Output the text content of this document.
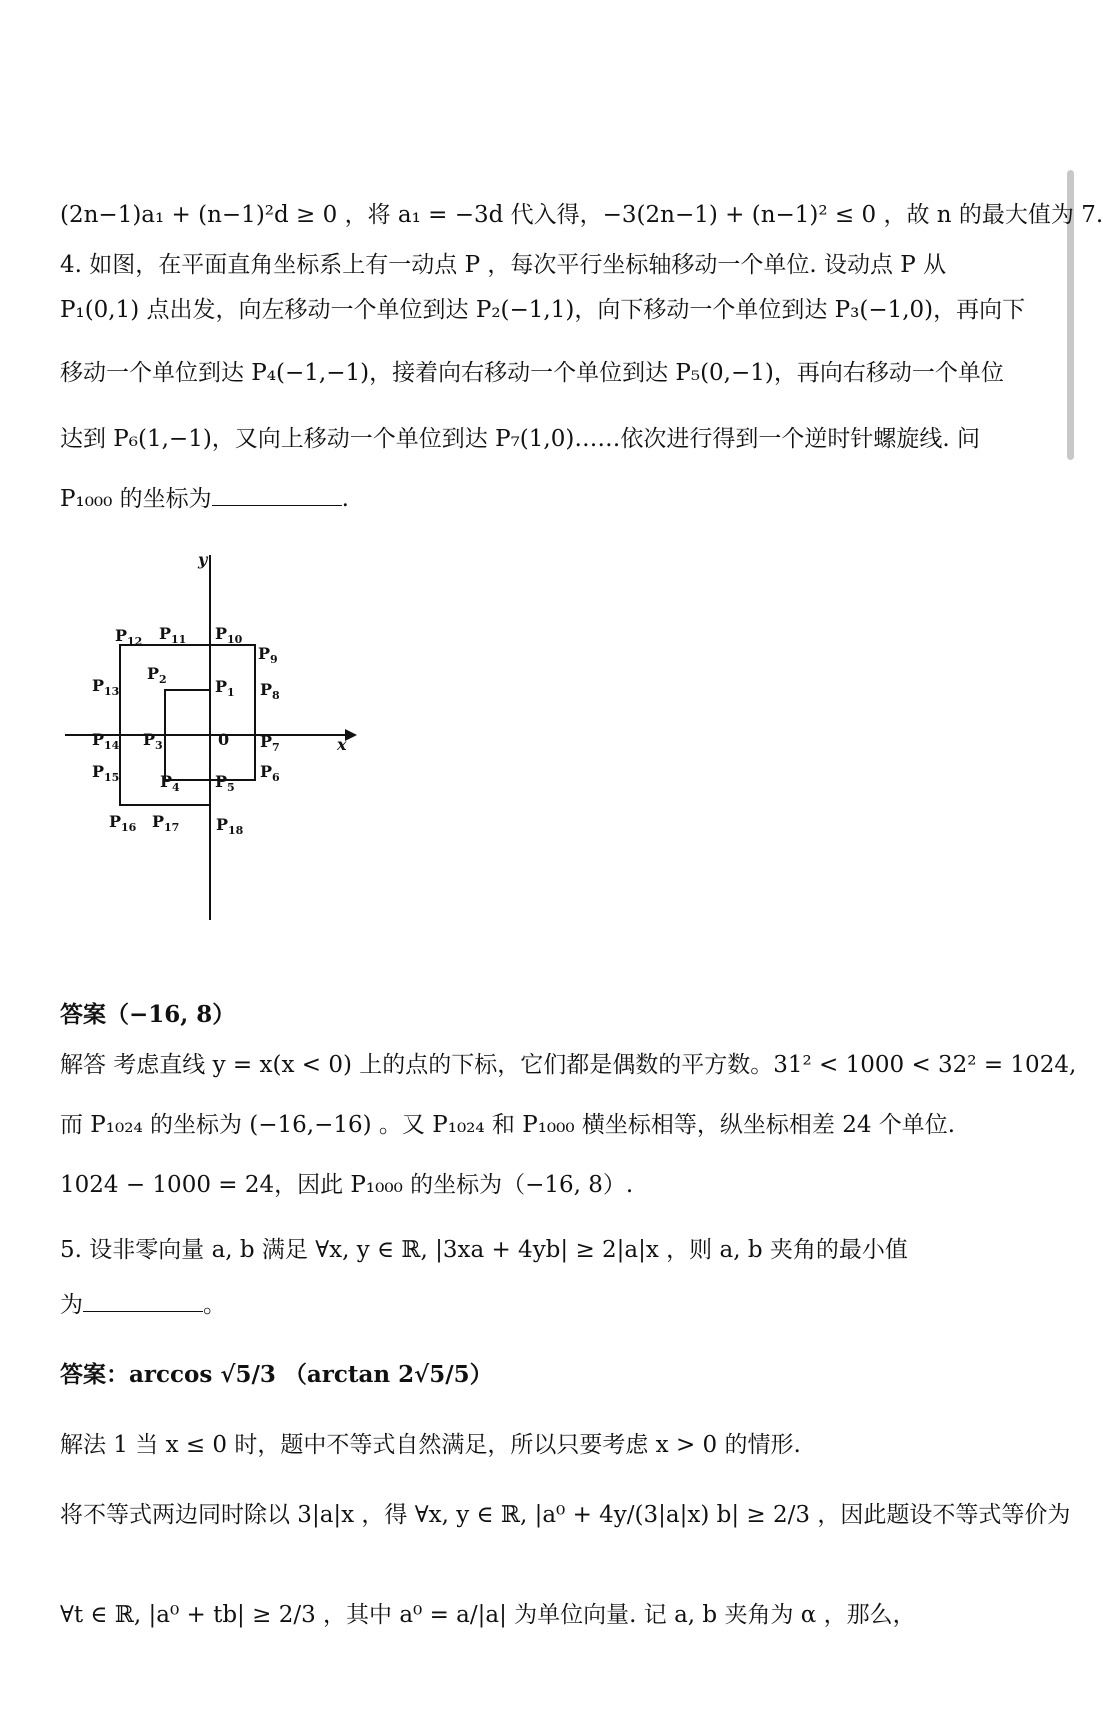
(2n−1)a₁ + (n−1)²d ≥ 0 ，将 a₁ = −3d 代入得，−3(2n−1) + (n−1)² ≤ 0 ，故 n 的最大值为 7.
4. 如图，在平面直角坐标系上有一动点 P ，每次平行坐标轴移动一个单位. 设动点 P 从
P₁(0,1) 点出发，向左移动一个单位到达 P₂(−1,1)，向下移动一个单位到达 P₃(−1,0)，再向下
移动一个单位到达 P₄(−1,−1)，接着向右移动一个单位到达 P₅(0,−1)，再向右移动一个单位
达到 P₆(1,−1)，又向上移动一个单位到达 P₇(1,0)……依次进行得到一个逆时针螺旋线. 问
P₁₀₀₀ 的坐标为	.
y
x
0
$P_1$
$P_2$
$P_3$
$P_4$ $P_5$
$P_6$
$P_7$
$P_8$
$P_9$
$P_{10}$
$P_{11}$
$P_{12}$
$P_{13}$
$P_{14}$
$P_{15}$
$P_{16}$ $P_{17}$ $P_{18}$
答案（−16, 8）
解答 考虑直线 y = x(x < 0) 上的点的下标，它们都是偶数的平方数。31² < 1000 < 32² = 1024,
而 P₁₀₂₄ 的坐标为 (−16,−16) 。又 P₁₀₂₄ 和 P₁₀₀₀ 横坐标相等，纵坐标相差 24 个单位.
1024 − 1000 = 24，因此 P₁₀₀₀ 的坐标为（−16, 8）.
5. 设非零向量 a, b 满足 ∀x, y ∈ ℝ, |3xa + 4yb| ≥ 2|a|x ，则 a, b 夹角的最小值
为	。
答案：arccos √5/3 （arctan 2√5/5）
解法 1 当 x ≤ 0 时，题中不等式自然满足，所以只要考虑 x > 0 的情形.
将不等式两边同时除以 3|a|x ，得 ∀x, y ∈ ℝ, |a⁰ + 4y/(3|a|x) b| ≥ 2/3 ，因此题设不等式等价为
∀t ∈ ℝ, |a⁰ + tb| ≥ 2/3 ，其中 a⁰ = a/|a| 为单位向量. 记 a, b 夹角为 α ，那么，
